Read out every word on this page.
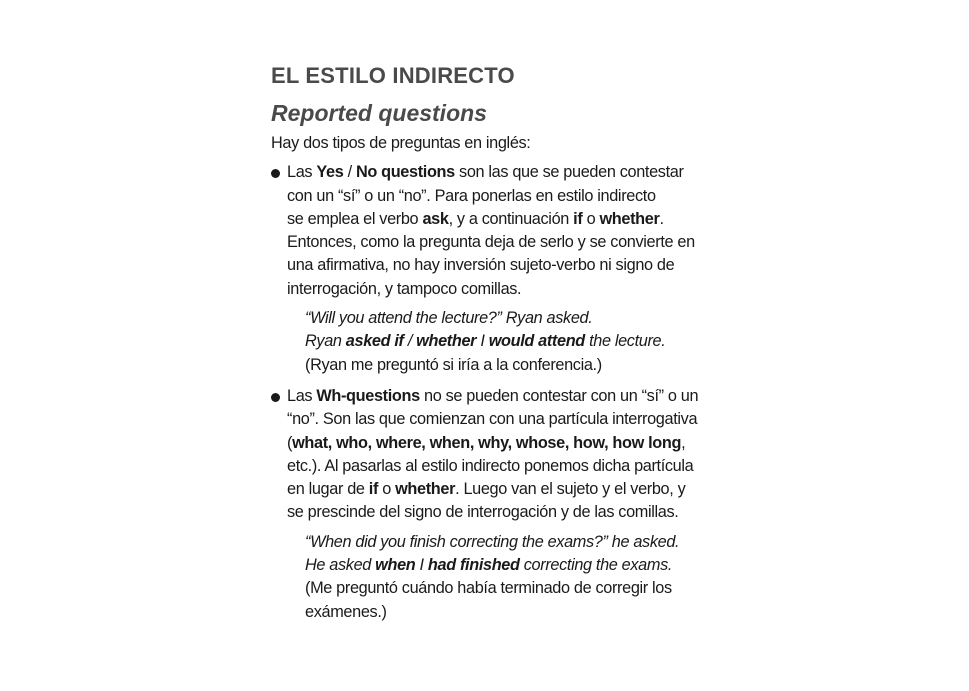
EL ESTILO INDIRECTO
Reported questions

Hay dos tipos de preguntas en inglés:

Las Yes / No questions son las que se pueden contestar
con un “sí” o un “no”. Para ponerlas en estilo indirecto
se emplea el verbo ask, y a continuación if o whether.
Entonces, como la pregunta deja de serlo y se convierte en
una afirmativa, no hay inversión sujeto-verbo ni signo de
interrogación, y tampoco comillas.
“Will you attend the lecture?” Ryan asked.
Ryan asked if / whether I would attend the lecture.
(Ryan me preguntó si iría a la conferencia.)
Las Wh-questions no se pueden contestar con un “sí” o un
“no”. Son las que comienzan con una partícula interrogativa
(what, who, where, when, why, whose, how, how long,
etc.). Al pasarlas al estilo indirecto ponemos dicha partícula
en lugar de if o whether. Luego van el sujeto y el verbo, y
se prescinde del signo de interrogación y de las comillas.
“When did you finish correcting the exams?” he asked.
He asked when I had finished correcting the exams.
(Me preguntó cuándo había terminado de corregir los
exámenes.)
